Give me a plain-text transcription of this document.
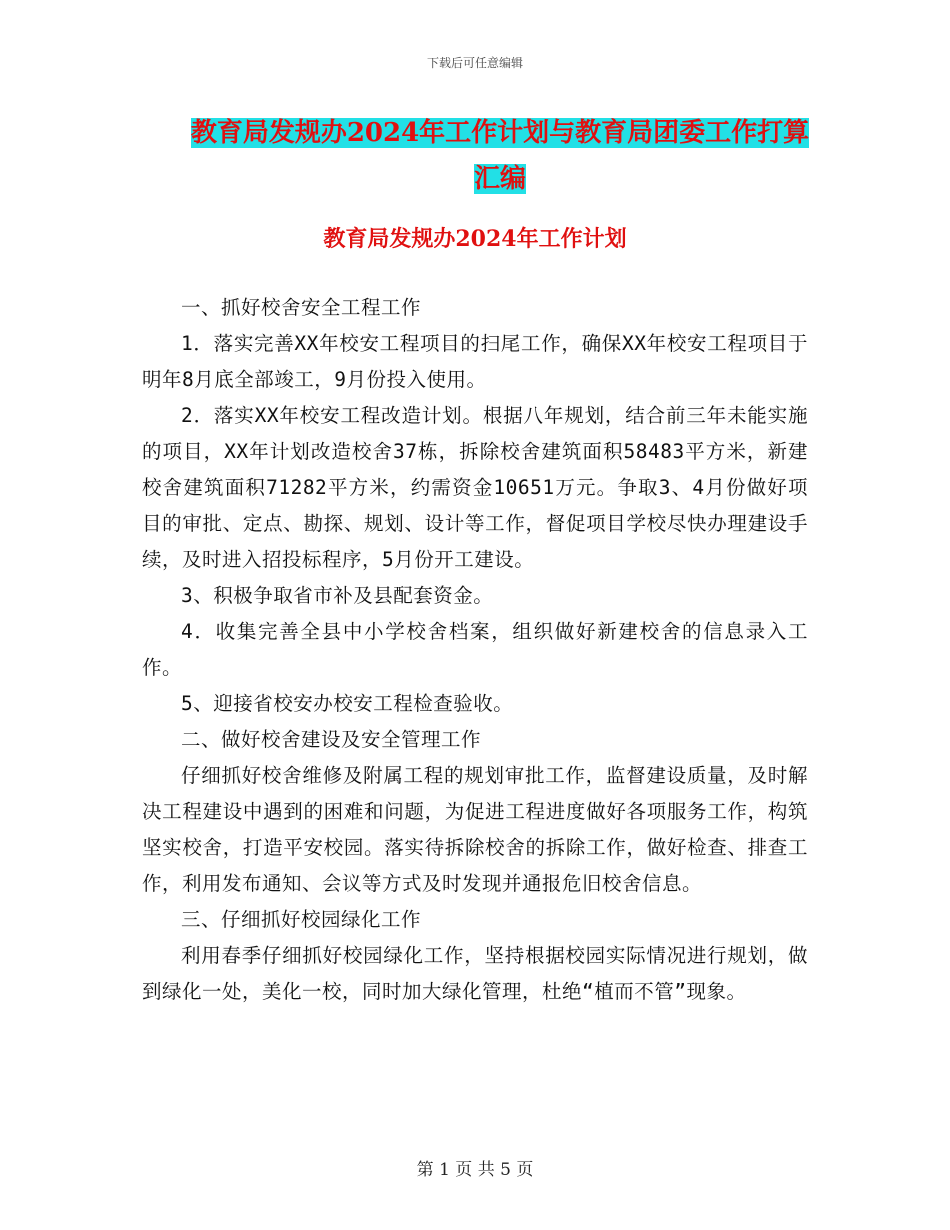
下载后可任意编辑
教育局发规办2024年工作计划与教育局团委工作打算
汇编
教育局发规办2024年工作计划

一、抓好校舍安全工程工作

1．落实完善XX年校安工程项目的扫尾工作，确保XX年校安工程项目于明年8月底全部竣工，9月份投入使用。

2．落实XX年校安工程改造计划。根据八年规划，结合前三年未能实施的项目，XX年计划改造校舍37栋，拆除校舍建筑面积58483平方米，新建校舍建筑面积71282平方米，约需资金10651万元。争取3、4月份做好项目的审批、定点、勘探、规划、设计等工作，督促项目学校尽快办理建设手续，及时进入招投标程序，5月份开工建设。

3、积极争取省市补及县配套资金。

4．收集完善全县中小学校舍档案，组织做好新建校舍的信息录入工作。

5、迎接省校安办校安工程检查验收。

二、做好校舍建设及安全管理工作

仔细抓好校舍维修及附属工程的规划审批工作，监督建设质量，及时解决工程建设中遇到的困难和问题，为促进工程进度做好各项服务工作，构筑坚实校舍，打造平安校园。落实待拆除校舍的拆除工作，做好检查、排查工作，利用发布通知、会议等方式及时发现并通报危旧校舍信息。

三、仔细抓好校园绿化工作

利用春季仔细抓好校园绿化工作，坚持根据校园实际情况进行规划，做到绿化一处，美化一校，同时加大绿化管理，杜绝“植而不管”现象。

第 1 页 共 5 页
